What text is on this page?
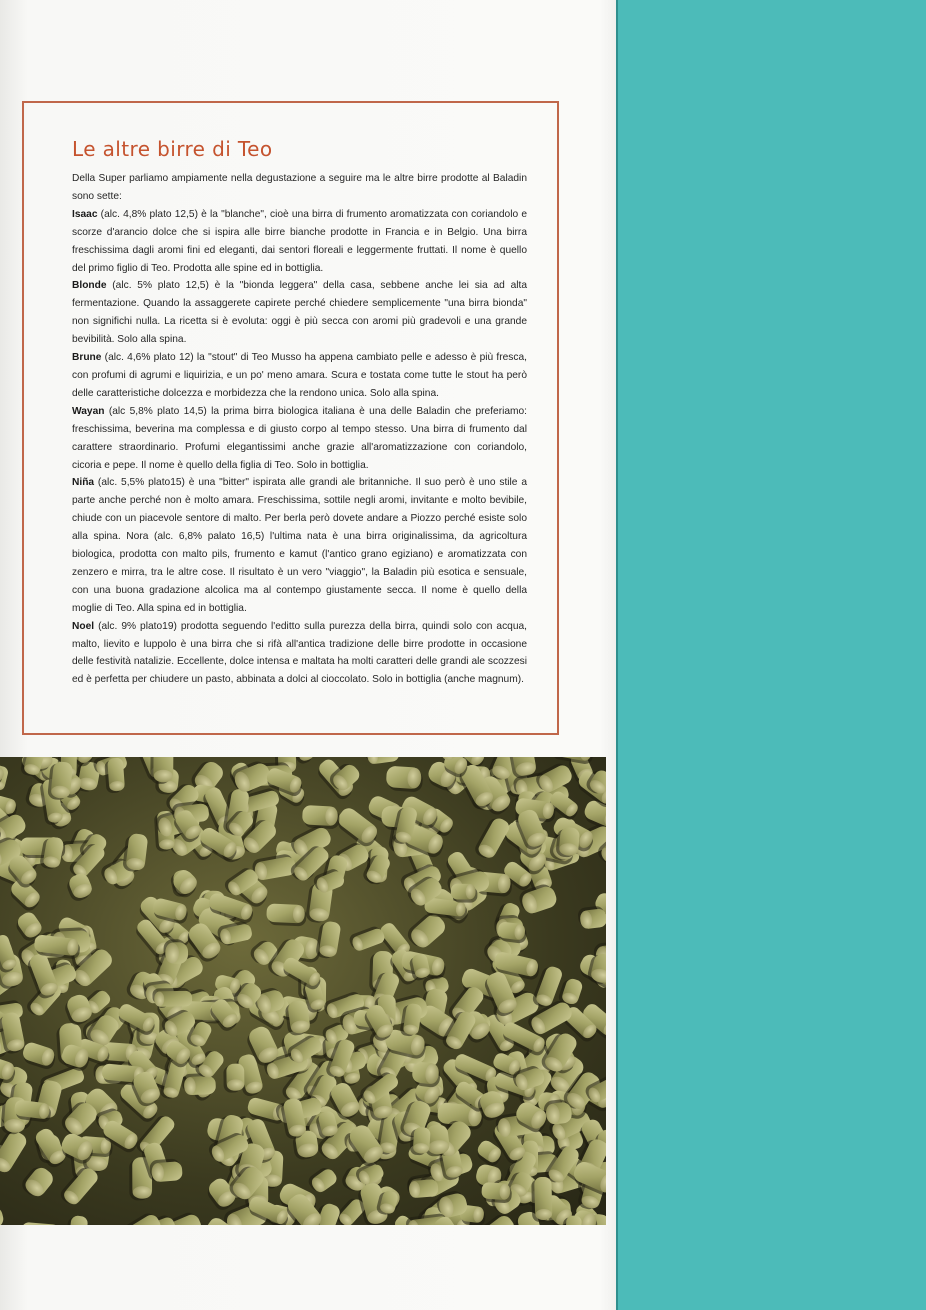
Le altre birre di Teo

Della Super parliamo ampiamente nella degustazione a seguire ma le altre birre prodotte al Baladin sono sette:

Isaac (alc. 4,8% plato 12,5) è la "blanche", cioè una birra di frumento aromatizzata con coriandolo e scorze d'arancio dolce che si ispira alle birre bianche prodotte in Francia e in Belgio. Una birra freschissima dagli aromi fini ed eleganti, dai sentori floreali e leggermente fruttati. Il nome è quello del primo figlio di Teo. Prodotta alle spine ed in bottiglia.

Blonde (alc. 5% plato 12,5) è la "bionda leggera" della casa, sebbene anche lei sia ad alta fermentazione. Quando la assaggerete capirete perché chiedere semplicemente "una birra bionda" non significhi nulla. La ricetta si è evoluta: oggi è più secca con aromi più gradevoli e una grande bevibilità. Solo alla spina.

Brune (alc. 4,6% plato 12) la "stout" di Teo Musso ha appena cambiato pelle e adesso è più fresca, con profumi di agrumi e liquirizia, e un po' meno amara. Scura e tostata come tutte le stout ha però delle caratteristiche dolcezza e morbidezza che la rendono unica. Solo alla spina.

Wayan (alc 5,8% plato 14,5) la prima birra biologica italiana è una delle Baladin che preferiamo: freschissima, beverina ma complessa e di giusto corpo al tempo stesso. Una birra di frumento dal carattere straordinario. Profumi elegantissimi anche grazie all'aromatizzazione con coriandolo, cicoria e pepe. Il nome è quello della figlia di Teo. Solo in bottiglia.

Niña (alc. 5,5% plato15) è una "bitter" ispirata alle grandi ale britanniche. Il suo però è uno stile a parte anche perché non è molto amara. Freschissima, sottile negli aromi, invitante e molto bevibile, chiude con un piacevole sentore di malto. Per berla però dovete andare a Piozzo perché esiste solo alla spina. Nora (alc. 6,8% palato 16,5) l'ultima nata è una birra originalissima, da agricoltura biologica, prodotta con malto pils, frumento e kamut (l'antico grano egiziano) e aromatizzata con zenzero e mirra, tra le altre cose. Il risultato è un vero "viaggio", la Baladin più esotica e sensuale, con una buona gradazione alcolica ma al contempo giustamente secca. Il nome è quello della moglie di Teo. Alla spina ed in bottiglia.

Noel (alc. 9% plato19) prodotta seguendo l'editto sulla purezza della birra, quindi solo con acqua, malto, lievito e luppolo è una birra che si rifà all'antica tradizione delle birre prodotte in occasione delle festività natalizie. Eccellente, dolce intensa e maltata ha molti caratteri delle grandi ale scozzesi ed è perfetta per chiudere un pasto, abbinata a dolci al cioccolato. Solo in bottiglia (anche magnum).
